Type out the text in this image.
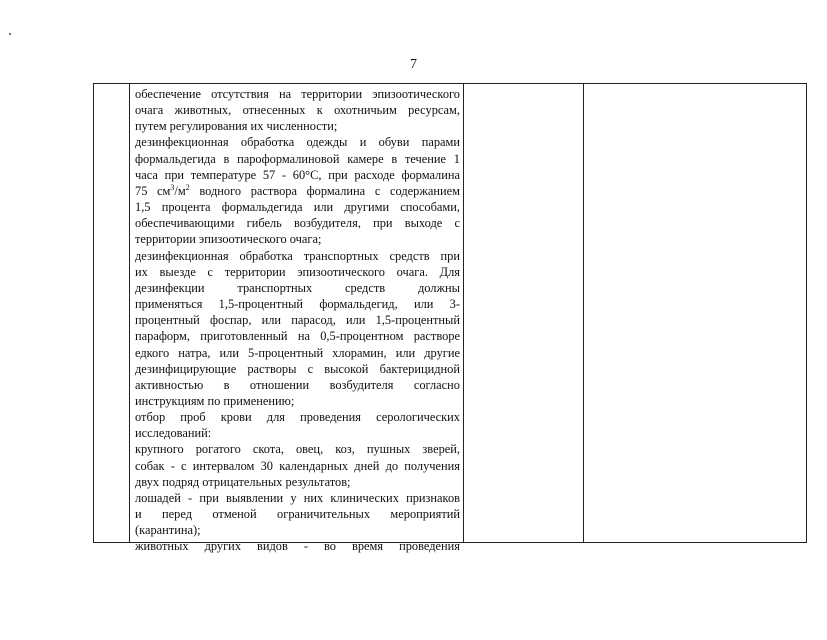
7
обеспечение отсутствия на территории эпизоотического
очага животных, отнесенных к охотничьим ресурсам,
путем регулирования их численности;
дезинфекционная обработка одежды и обуви парами
формальдегида в пароформалиновой камере в течение 1
часа при температуре 57 - 60°С, при расходе формалина
75 $см^3/м^2$ водного раствора формалина с содержанием
1,5 процента формальдегида или другими способами,
обеспечивающими гибель возбудителя, при выходе с
территории эпизоотического очага;
дезинфекционная обработка транспортных средств при
их выезде с территории эпизоотического очага. Для
дезинфекции транспортных средств должны
применяться 1,5-процентный формальдегид, или 3-
процентный фоспар, или парасод, или 1,5-процентный
параформ, приготовленный на 0,5-процентном растворе
едкого натра, или 5-процентный хлорамин, или другие
дезинфицирующие растворы с высокой бактерицидной
активностью в отношении возбудителя согласно
инструкциям по применению;
отбор проб крови для проведения серологических
исследований:
крупного рогатого скота, овец, коз, пушных зверей,
собак - с интервалом 30 календарных дней до получения
двух подряд отрицательных результатов;
лошадей - при выявлении у них клинических признаков
и перед отменой ограничительных мероприятий
(карантина);
животных других видов - во время проведения
